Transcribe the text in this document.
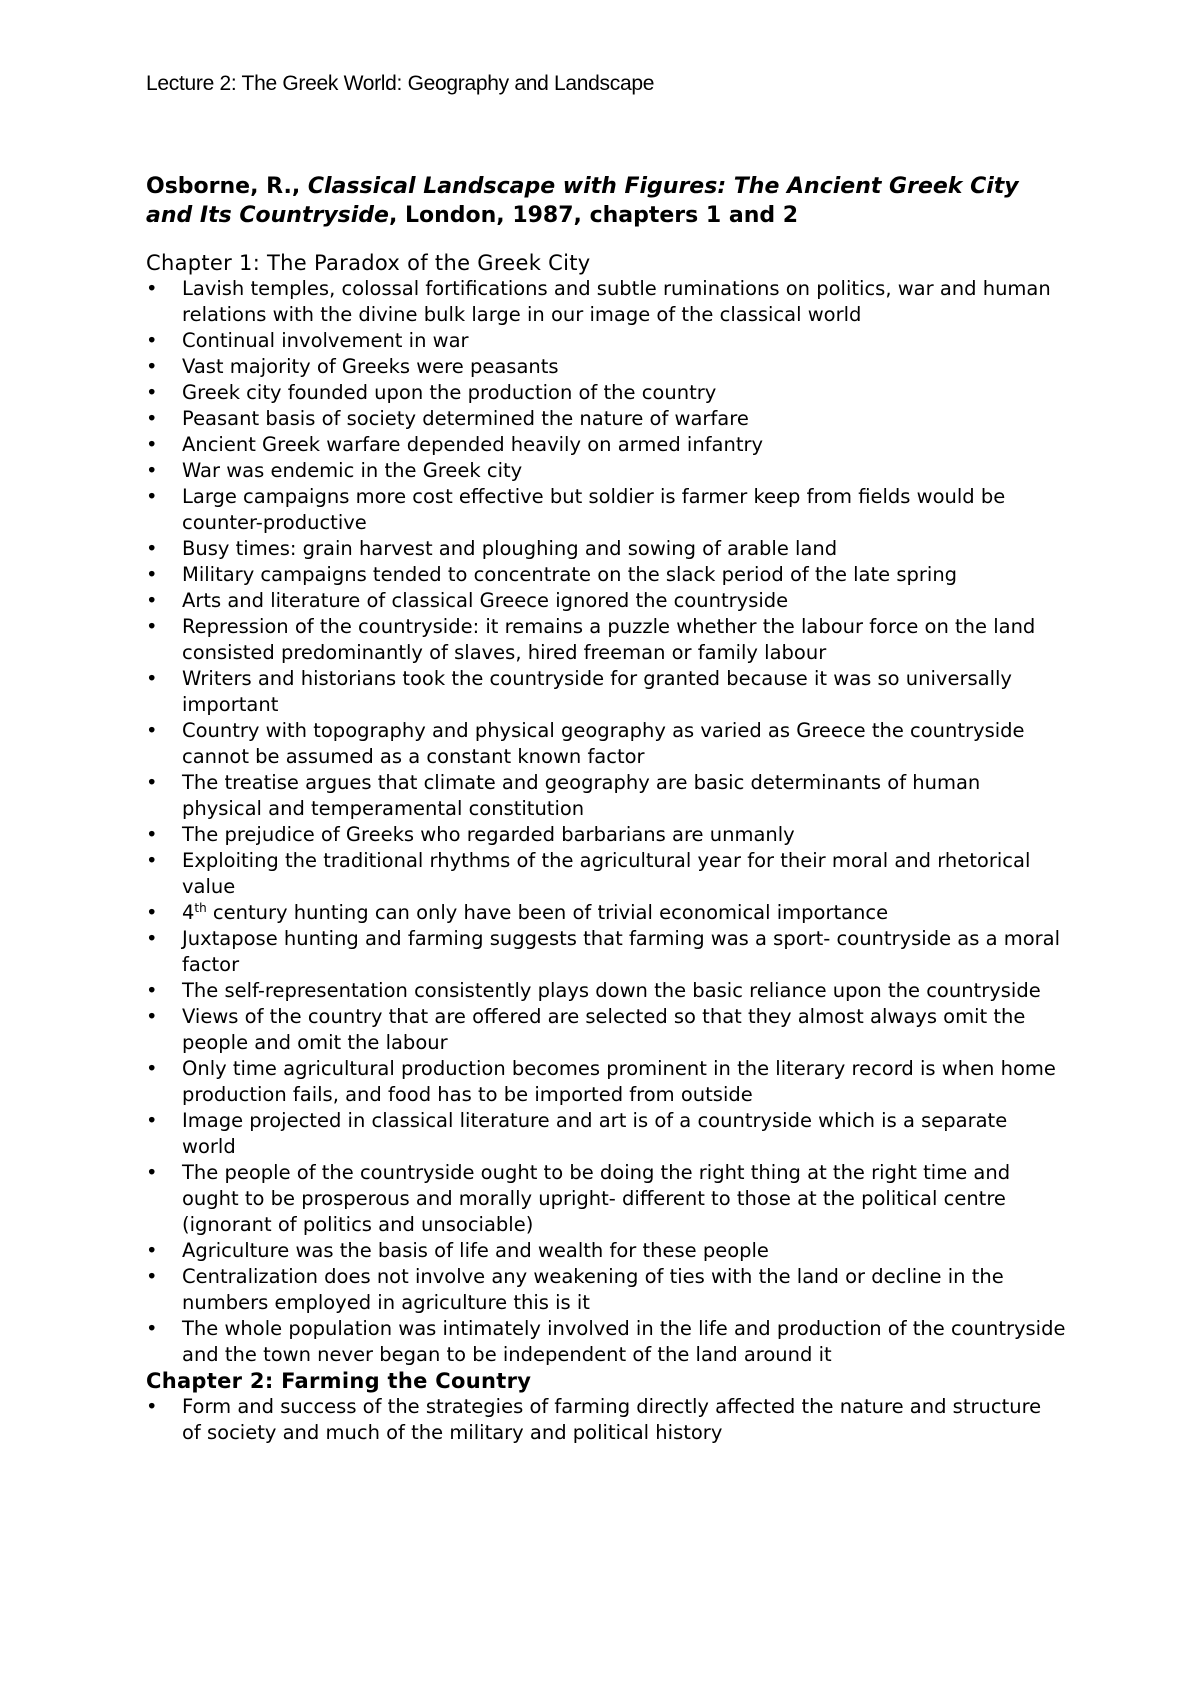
Lecture 2: The Greek World: Geography and Landscape

Osborne, R., Classical Landscape with Figures: The Ancient Greek City and Its Countryside, London, 1987, chapters 1 and 2

Chapter 1: The Paradox of the Greek City
•	Lavish temples, colossal fortifications and subtle ruminations on politics, war and human relations with the divine bulk large in our image of the classical world
•	Continual involvement in war
•	Vast majority of Greeks were peasants
•	Greek city founded upon the production of the country
•	Peasant basis of society determined the nature of warfare
•	Ancient Greek warfare depended heavily on armed infantry
•	War was endemic in the Greek city
•	Large campaigns more cost effective but soldier is farmer keep from fields would be counter-productive
•	Busy times: grain harvest and ploughing and sowing of arable land
•	Military campaigns tended to concentrate on the slack period of the late spring
•	Arts and literature of classical Greece ignored the countryside
•	Repression of the countryside: it remains a puzzle whether the labour force on the land consisted predominantly of slaves, hired freeman or family labour
•	Writers and historians took the countryside for granted because it was so universally important
•	Country with topography and physical geography as varied as Greece the countryside cannot be assumed as a constant known factor
•	The treatise argues that climate and geography are basic determinants of human physical and temperamental constitution
•	The prejudice of Greeks who regarded barbarians are unmanly
•	Exploiting the traditional rhythms of the agricultural year for their moral and rhetorical value
•	4th century hunting can only have been of trivial economical importance
•	Juxtapose hunting and farming suggests that farming was a sport- countryside as a moral factor
•	The self-representation consistently plays down the basic reliance upon the countryside
•	Views of the country that are offered are selected so that they almost always omit the people and omit the labour
•	Only time agricultural production becomes prominent in the literary record is when home production fails, and food has to be imported from outside
•	Image projected in classical literature and art is of a countryside which is a separate world
•	The people of the countryside ought to be doing the right thing at the right time and ought to be prosperous and morally upright- different to those at the political centre (ignorant of politics and unsociable)
•	Agriculture was the basis of life and wealth for these people
•	Centralization does not involve any weakening of ties with the land or decline in the numbers employed in agriculture this is it
•	The whole population was intimately involved in the life and production of the countryside and the town never began to be independent of the land around it
Chapter 2: Farming the Country
•	Form and success of the strategies of farming directly affected the nature and structure of society and much of the military and political history
